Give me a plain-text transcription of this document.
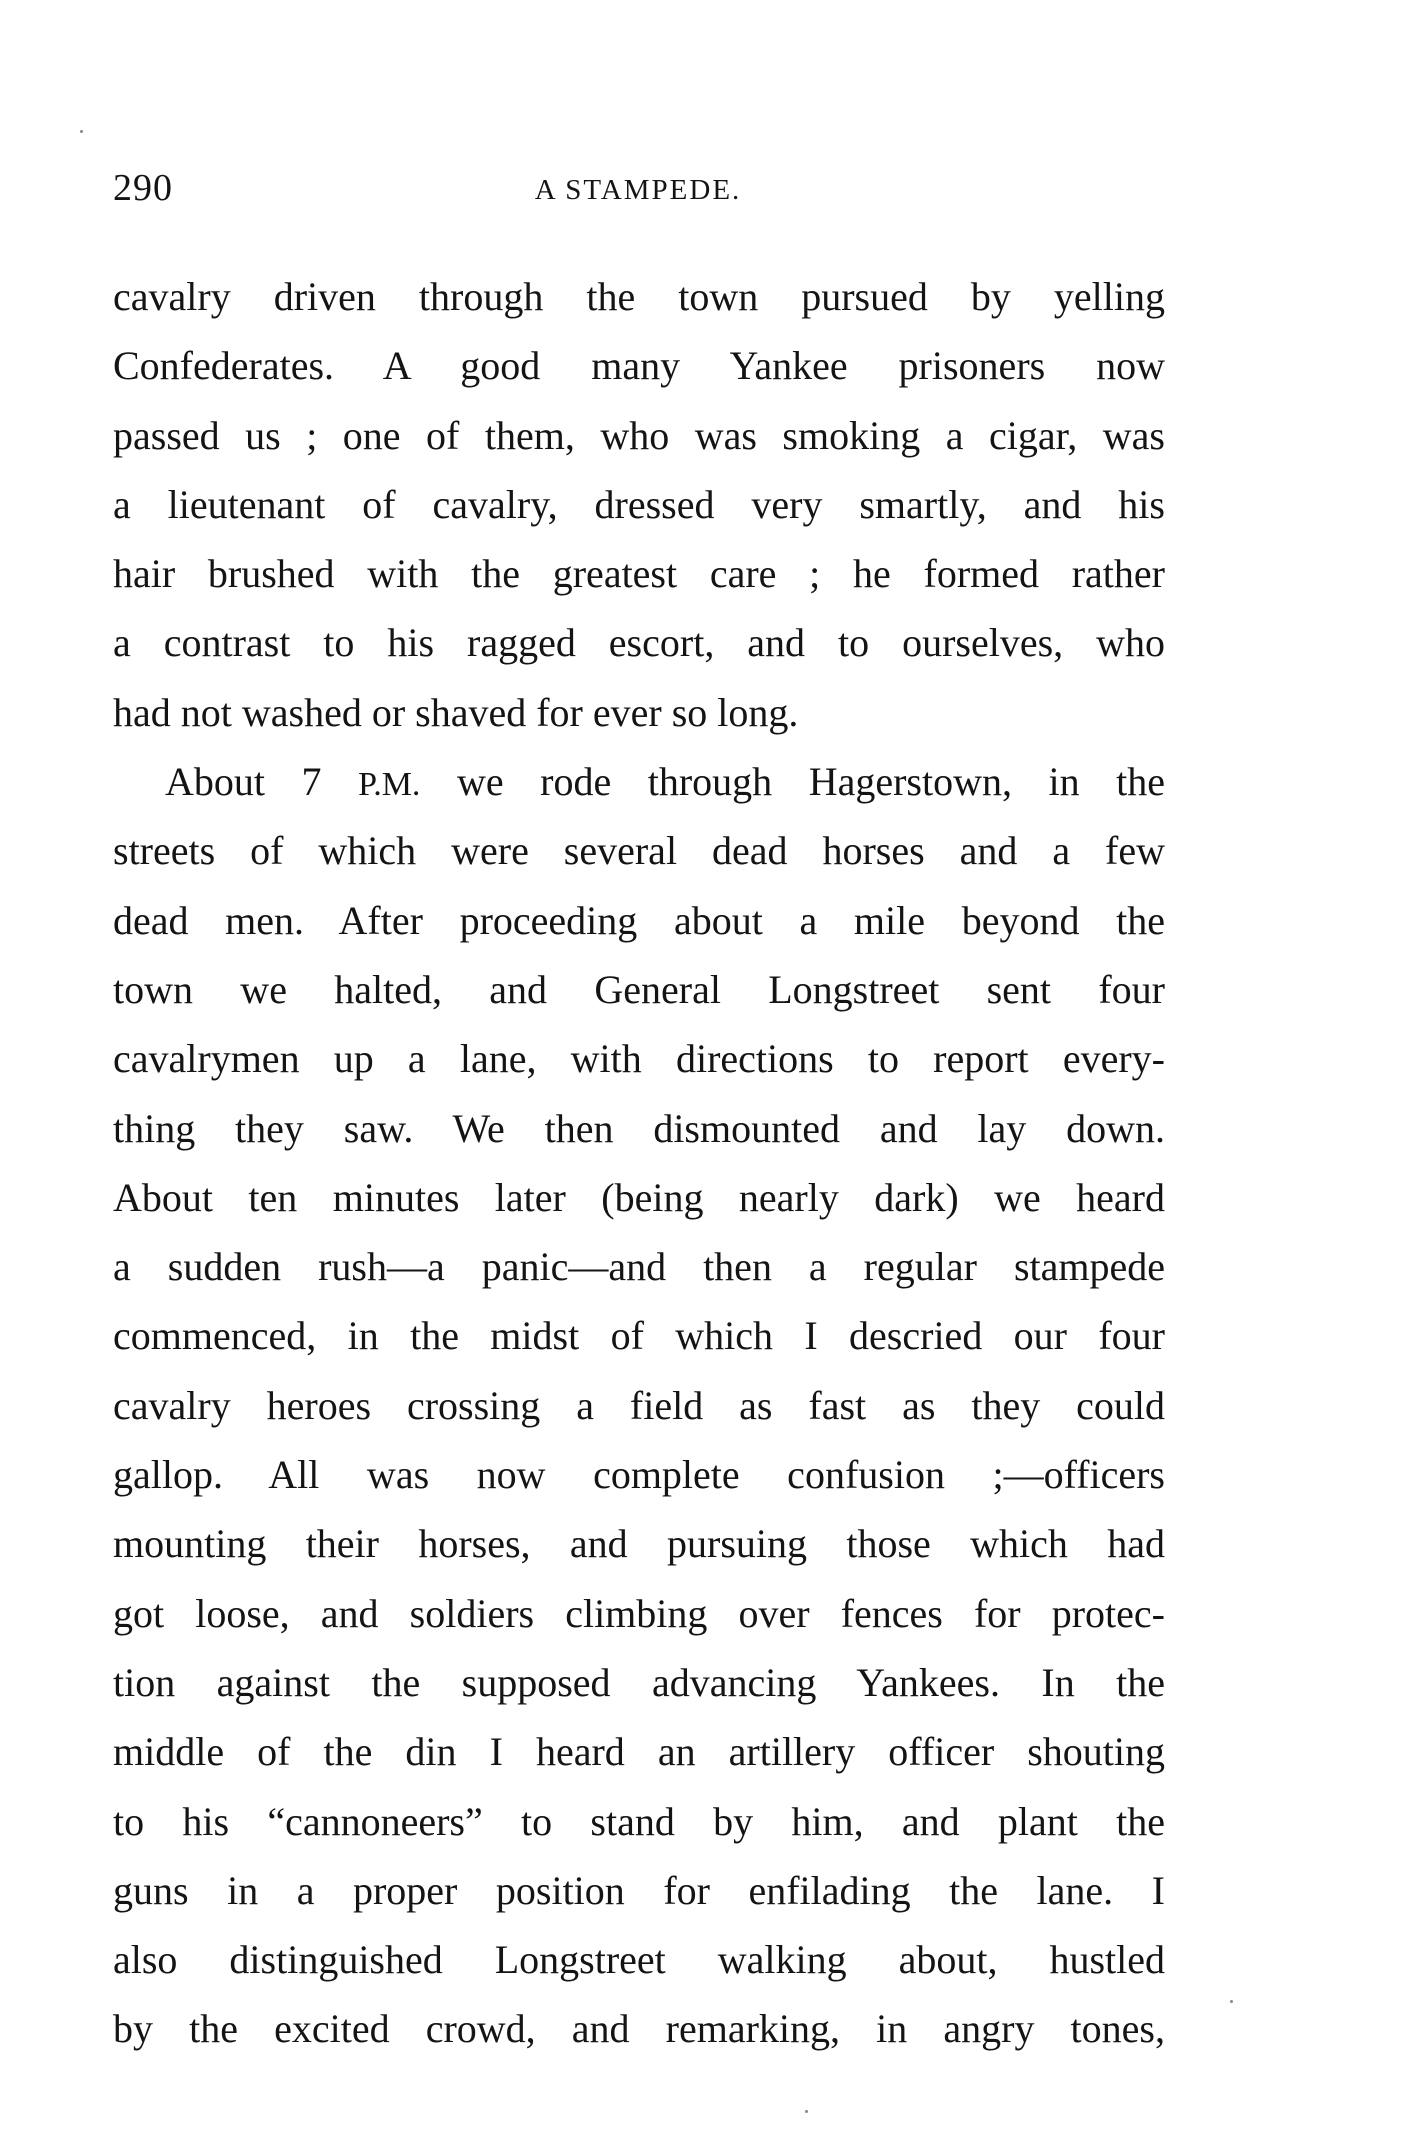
290	A STAMPEDE.
cavalry driven through the town pursued by yelling
Confederates. A good many Yankee prisoners now
passed us ; one of them, who was smoking a cigar, was
a lieutenant of cavalry, dressed very smartly, and his
hair brushed with the greatest care ; he formed rather
a contrast to his ragged escort, and to ourselves, who
had not washed or shaved for ever so long.
About 7 P.M. we rode through Hagerstown, in the
streets of which were several dead horses and a few
dead men. After proceeding about a mile beyond the
town we halted, and General Longstreet sent four
cavalrymen up a lane, with directions to report every-
thing they saw. We then dismounted and lay down.
About ten minutes later (being nearly dark) we heard
a sudden rush—a panic—and then a regular stampede
commenced, in the midst of which I descried our four
cavalry heroes crossing a field as fast as they could
gallop. All was now complete confusion ;—officers
mounting their horses, and pursuing those which had
got loose, and soldiers climbing over fences for protec-
tion against the supposed advancing Yankees. In the
middle of the din I heard an artillery officer shouting
to his “cannoneers” to stand by him, and plant the
guns in a proper position for enfilading the lane. I
also distinguished Longstreet walking about, hustled
by the excited crowd, and remarking, in angry tones,
